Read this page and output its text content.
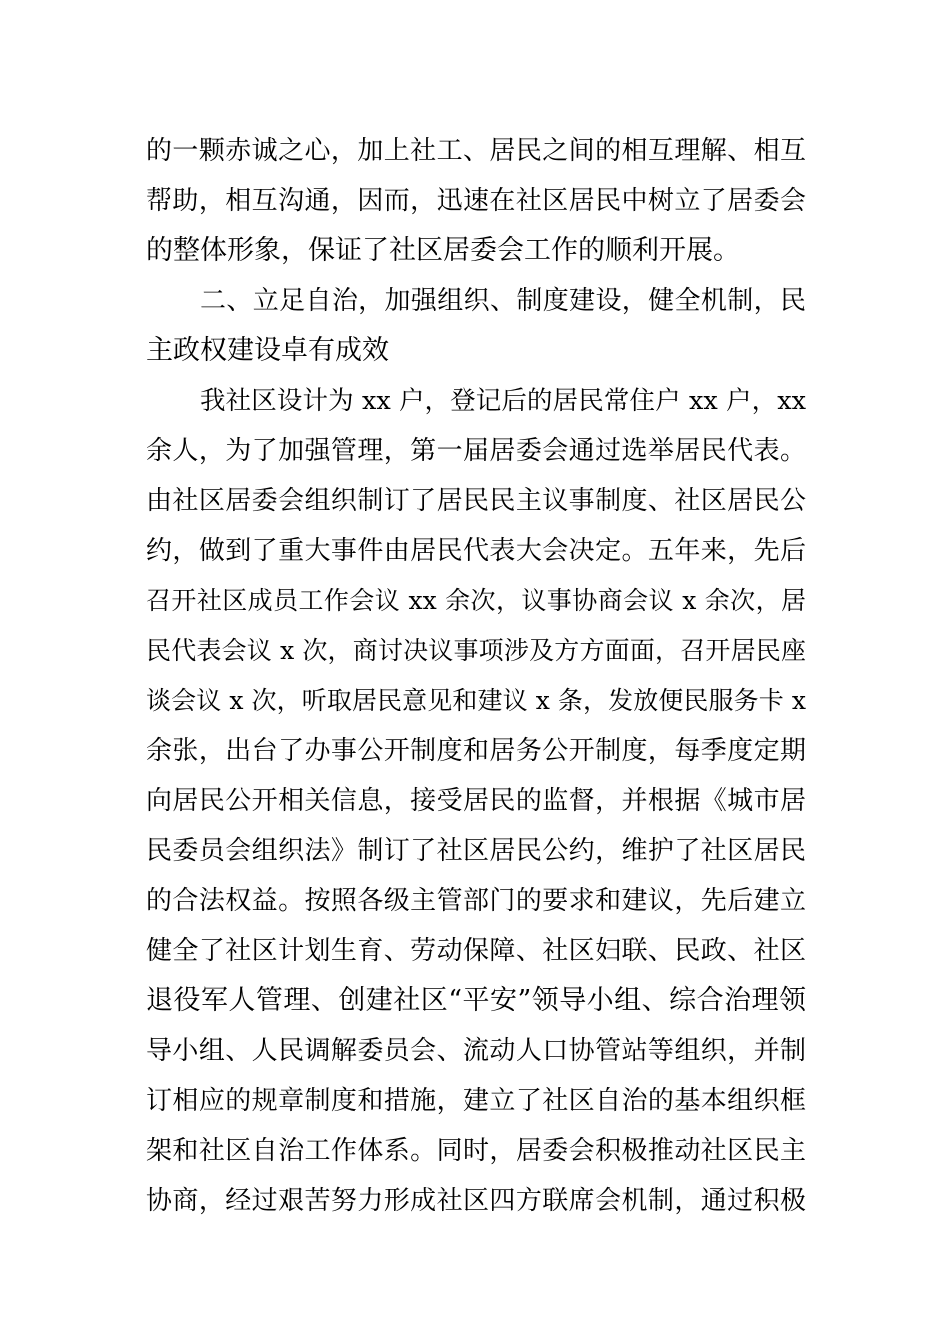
的一颗赤诚之心，加上社工、居民之间的相互理解、相互
帮助，相互沟通，因而，迅速在社区居民中树立了居委会
的整体形象，保证了社区居委会工作的顺利开展。
二、立足自治，加强组织、制度建设，健全机制，民
主政权建设卓有成效
我社区设计为 xx 户，登记后的居民常住户 xx 户，xx
余人，为了加强管理，第一届居委会通过选举居民代表。
由社区居委会组织制订了居民民主议事制度、社区居民公
约，做到了重大事件由居民代表大会决定。五年来，先后
召开社区成员工作会议 xx 余次，议事协商会议 x 余次，居
民代表会议 x 次，商讨决议事项涉及方方面面，召开居民座
谈会议 x 次，听取居民意见和建议 x 条，发放便民服务卡 x
余张，出台了办事公开制度和居务公开制度，每季度定期
向居民公开相关信息，接受居民的监督，并根据《城市居
民委员会组织法》制订了社区居民公约，维护了社区居民
的合法权益。按照各级主管部门的要求和建议，先后建立
健全了社区计划生育、劳动保障、社区妇联、民政、社区
退役军人管理、创建社区“平安”领导小组、综合治理领
导小组、人民调解委员会、流动人口协管站等组织，并制
订相应的规章制度和措施，建立了社区自治的基本组织框
架和社区自治工作体系。同时，居委会积极推动社区民主
协商，经过艰苦努力形成社区四方联席会机制，通过积极
